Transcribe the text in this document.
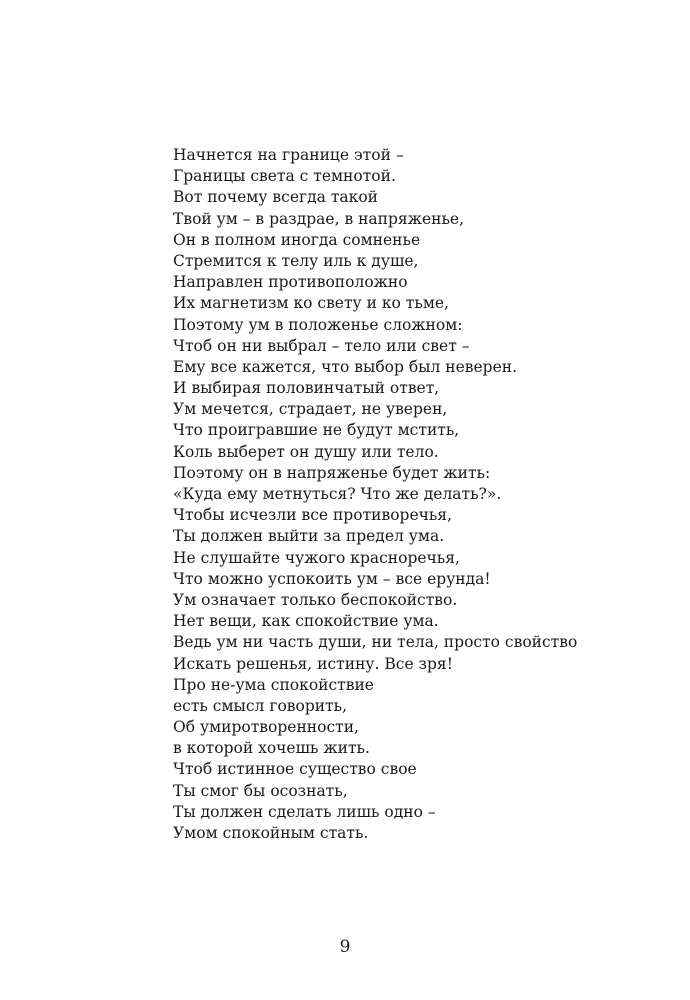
Начнется на границе этой –
Границы света с темнотой.
Вот почему всегда такой
Твой ум – в раздрае, в напряженье,
Он в полном иногда сомненье
Стремится к телу иль к душе,
Направлен противоположно
Их магнетизм ко свету и ко тьме,
Поэтому ум в положенье сложном:
Чтоб он ни выбрал – тело или свет –
Ему все кажется, что выбор был неверен.
И выбирая половинчатый ответ,
Ум мечется, страдает, не уверен,
Что проигравшие не будут мстить,
Коль выберет он душу или тело.
Поэтому он в напряженье будет жить:
«Куда ему метнуться? Что же делать?».
Чтобы исчезли все противоречья,
Ты должен выйти за предел ума.
Не слушайте чужого красноречья,
Что можно успокоить ум – все ерунда!
Ум означает только беспокойство.
Нет вещи, как спокойствие ума.
Ведь ум ни часть души, ни тела, просто свойство
Искать решенья, истину. Все зря!
Про не-ума спокойствие
есть смысл говорить,
Об умиротворенности,
в которой хочешь жить.
Чтоб истинное существо свое
Ты смог бы осознать,
Ты должен сделать лишь одно –
Умом спокойным стать.
9
